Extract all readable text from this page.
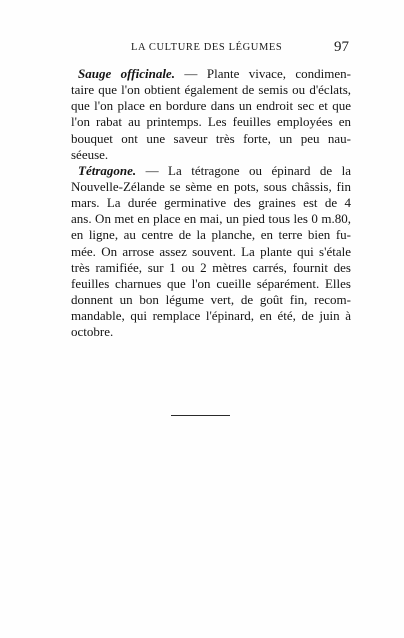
LA CULTURE DES LÉGUMES	97
Sauge officinale. — Plante vivace, condimen-
taire que l'on obtient également de semis ou d'éclats,
que l'on place en bordure dans un endroit sec et que
l'on rabat au printemps. Les feuilles employées en
bouquet ont une saveur très forte, un peu nau-
séeuse.
Tétragone. — La tétragone ou épinard de la
Nouvelle-Zélande se sème en pots, sous châssis, fin
mars. La durée germinative des graines est de 4
ans. On met en place en mai, un pied tous les 0 m.80,
en ligne, au centre de la planche, en terre bien fu-
mée. On arrose assez souvent. La plante qui s'étale
très ramifiée, sur 1 ou 2 mètres carrés, fournit des
feuilles charnues que l'on cueille séparément. Elles
donnent un bon légume vert, de goût fin, recom-
mandable, qui remplace l'épinard, en été, de juin à
octobre.
